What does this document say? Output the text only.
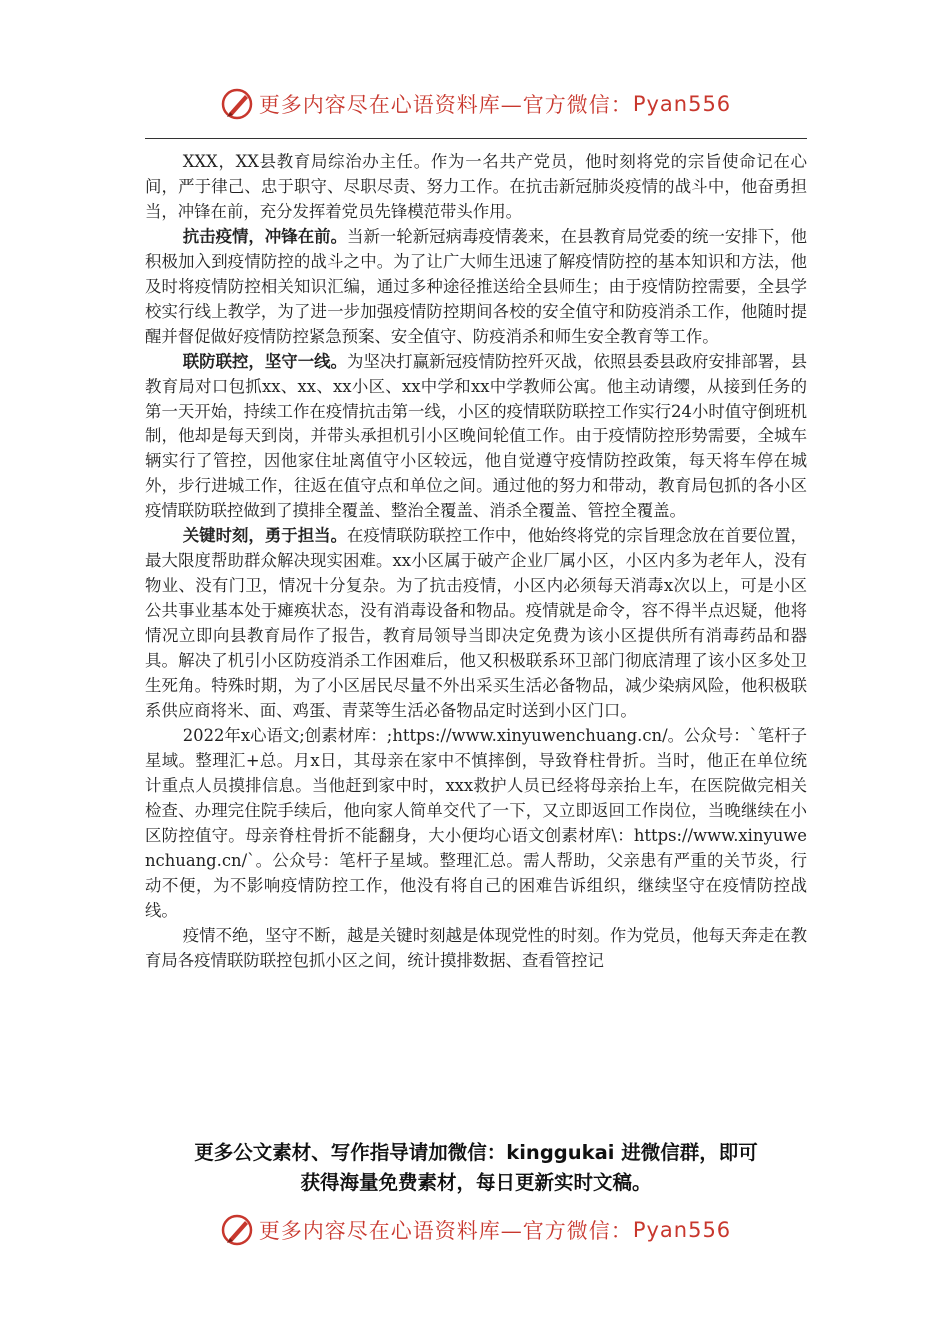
更多内容尽在心语资料库—官方微信： Pyan556

XXX，XX县教育局综治办主任。作为一名共产党员，他时刻将党的宗旨使命记在心间，严于律己、忠于职守、尽职尽责、努力工作。在抗击新冠肺炎疫情的战斗中，他奋勇担当，冲锋在前，充分发挥着党员先锋模范带头作用。

抗击疫情，冲锋在前。当新一轮新冠病毒疫情袭来，在县教育局党委的统一安排下，他积极加入到疫情防控的战斗之中。为了让广大师生迅速了解疫情防控的基本知识和方法，他及时将疫情防控相关知识汇编，通过多种途径推送给全县师生；由于疫情防控需要，全县学校实行线上教学，为了进一步加强疫情防控期间各校的安全值守和防疫消杀工作，他随时提醒并督促做好疫情防控紧急预案、安全值守、防疫消杀和师生安全教育等工作。

联防联控，坚守一线。为坚决打赢新冠疫情防控歼灭战，依照县委县政府安排部署，县教育局对口包抓xx、xx、xx小区、xx中学和xx中学教师公寓。他主动请缨，从接到任务的第一天开始，持续工作在疫情抗击第一线，小区的疫情联防联控工作实行24小时值守倒班机制，他却是每天到岗，并带头承担机引小区晚间轮值工作。由于疫情防控形势需要，全城车辆实行了管控，因他家住址离值守小区较远，他自觉遵守疫情防控政策，每天将车停在城外，步行进城工作，往返在值守点和单位之间。通过他的努力和带动，教育局包抓的各小区疫情联防联控做到了摸排全覆盖、整治全覆盖、消杀全覆盖、管控全覆盖。

关键时刻，勇于担当。在疫情联防联控工作中，他始终将党的宗旨理念放在首要位置，最大限度帮助群众解决现实困难。xx小区属于破产企业厂属小区，小区内多为老年人，没有物业、没有门卫，情况十分复杂。为了抗击疫情，小区内必须每天消毒x次以上，可是小区公共事业基本处于瘫痪状态，没有消毒设备和物品。疫情就是命令，容不得半点迟疑，他将情况立即向县教育局作了报告，教育局领导当即决定免费为该小区提供所有消毒药品和器具。解决了机引小区防疫消杀工作困难后，他又积极联系环卫部门彻底清理了该小区多处卫生死角。特殊时期，为了小区居民尽量不外出采买生活必备物品，减少染病风险，他积极联系供应商将米、面、鸡蛋、青菜等生活必备物品定时送到小区门口。

2022年x心语文;创素材库：;https://www.xinyuwenchuang.cn/。公众号：`笔杆子星域。整理汇+总。月x日，其母亲在家中不慎摔倒，导致脊柱骨折。当时，他正在单位统计重点人员摸排信息。当他赶到家中时，xxx救护人员已经将母亲抬上车，在医院做完相关检查、办理完住院手续后，他向家人简单交代了一下，又立即返回工作岗位，当晚继续在小区防控值守。母亲脊柱骨折不能翻身，大小便均心语文创素材库\：https://www.xinyuwenchuang.cn/`。公众号：笔杆子星域。整理汇总。需人帮助，父亲患有严重的关节炎，行动不便，为不影响疫情防控工作，他没有将自己的困难告诉组织，继续坚守在疫情防控战线。

疫情不绝，坚守不断，越是关键时刻越是体现党性的时刻。作为党员，他每天奔走在教育局各疫情联防联控包抓小区之间，统计摸排数据、查看管控记

更多公文素材、写作指导请加微信：kinggukai 进微信群，即可
获得海量免费素材，每日更新实时文稿。
更多内容尽在心语资料库—官方微信： Pyan556
